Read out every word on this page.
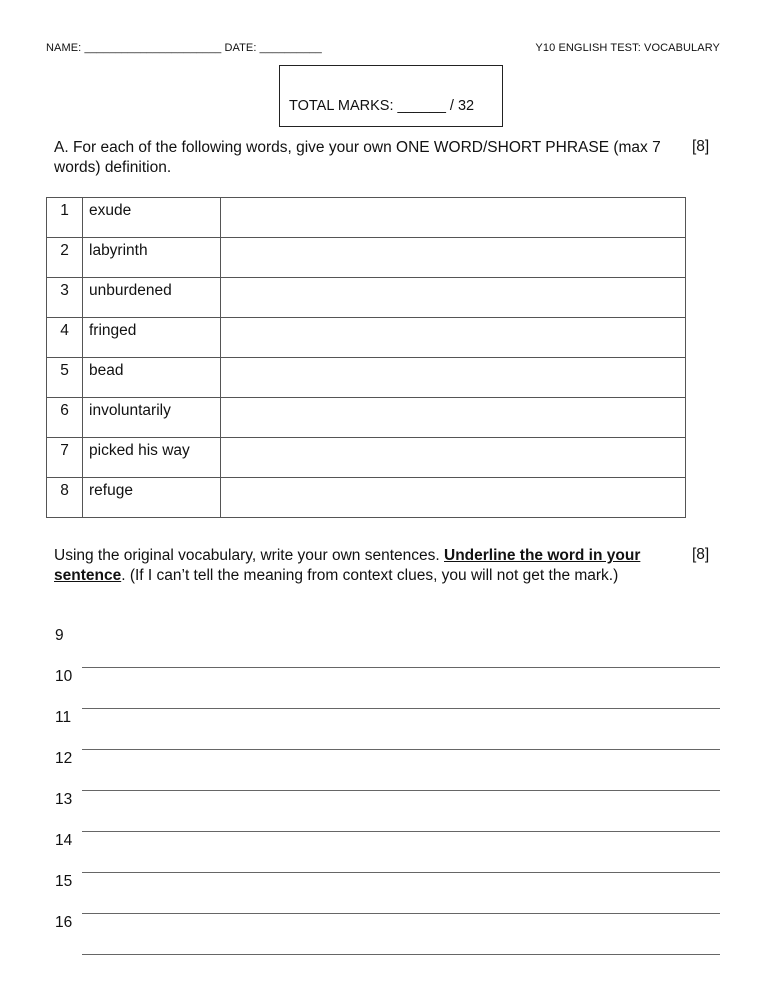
NAME: ______________________ DATE: __________	Y10 ENGLISH TEST: VOCABULARY
TOTAL MARKS: ______ / 32
A. For each of the following words, give your own ONE WORD/SHORT PHRASE (max 7 words) definition.
[8]
1	exude	
2	labyrinth	
3	unburdened	
4	fringed	
5	bead	
6	involuntarily	
7	picked his way	
8	refuge	
Using the original vocabulary, write your own sentences. Underline the word in your sentence. (If I can’t tell the meaning from context clues, you will not get the mark.)
[8]
9
10
11
12
13
14
15
16
